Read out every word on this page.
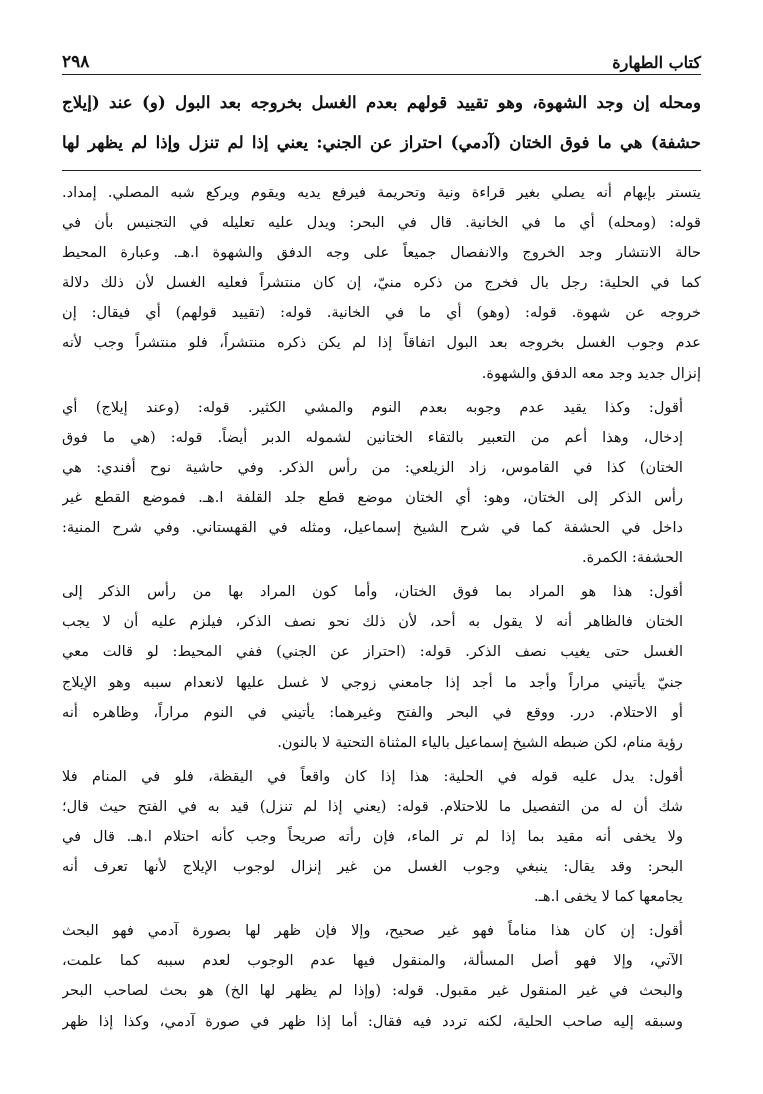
كتاب الطهارة
٢٩٨

ومحله إن وجد الشهوة، وهو تقييد قولهم بعدم الغسل بخروجه بعد البول (و) عند (إيلاج

حشفة) هي ما فوق الختان (آدمي) احتراز عن الجني: يعني إذا لم تنزل وإذا لم يظهر لها

يتستر بإيهام أنه يصلي بغير قراءة ونية وتحريمة فيرفع يديه ويقوم ويركع شبه المصلي. إمداد.

قوله: (ومحله) أي ما في الخانية. قال في البحر: ويدل عليه تعليله في التجنيس بأن في

حالة الانتشار وجد الخروج والانفصال جميعاً على وجه الدفق والشهوة ا.هـ. وعبارة المحيط

كما في الحلية: رجل بال فخرج من ذكره منيّ، إن كان منتشراً فعليه الغسل لأن ذلك دلالة

خروجه عن شهوة. قوله: (وهو) أي ما في الخانية. قوله: (تقييد قولهم) أي فيقال: إن

عدم وجوب الغسل بخروجه بعد البول اتفاقاً إذا لم يكن ذكره منتشراً، فلو منتشراً وجب لأنه

إنزال جديد وجد معه الدفق والشهوة.

أقول: وكذا يقيد عدم وجوبه بعدم النوم والمشي الكثير. قوله: (وعند إيلاج) أي

إدخال، وهذا أعم من التعبير بالتقاء الختانين لشموله الدبر أيضاً. قوله: (هي ما فوق

الختان) كذا في القاموس، زاد الزيلعي: من رأس الذكر. وفي حاشية نوح أفندي: هي

رأس الذكر إلى الختان، وهو: أي الختان موضع قطع جلد القلفة ا.هـ. فموضع القطع غير

داخل في الحشفة كما في شرح الشيخ إسماعيل، ومثله في القهستاني. وفي شرح المنية:

الحشفة: الكمرة.

أقول: هذا هو المراد بما فوق الختان، وأما كون المراد بها من رأس الذكر إلى

الختان فالظاهر أنه لا يقول به أحد، لأن ذلك نحو نصف الذكر، فيلزم عليه أن لا يجب

الغسل حتى يغيب نصف الذكر. قوله: (احتراز عن الجني) ففي المحيط: لو قالت معي

جنيّ يأتيني مراراً وأجد ما أجد إذا جامعني زوجي لا غسل عليها لانعدام سببه وهو الإيلاج

أو الاحتلام. درر. ووقع في البحر والفتح وغيرهما: يأتيني في النوم مراراً، وظاهره أنه

رؤية منام، لكن ضبطه الشيخ إسماعيل بالياء المثناة التحتية لا بالنون.

أقول: يدل عليه قوله في الحلية: هذا إذا كان واقعاً في اليقظة، فلو في المنام فلا

شك أن له من التفصيل ما للاحتلام. قوله: (يعني إذا لم تنزل) قيد به في الفتح حيث قال؛

ولا يخفى أنه مقيد بما إذا لم تر الماء، فإن رأته صريحاً وجب كأنه احتلام ا.هـ. قال في

البحر: وقد يقال: ينبغي وجوب الغسل من غير إنزال لوجوب الإيلاج لأنها تعرف أنه

يجامعها كما لا يخفى ا.هـ.

أقول: إن كان هذا مناماً فهو غير صحيح، وإلا فإن ظهر لها بصورة آدمي فهو البحث

الآتي، وإلا فهو أصل المسألة، والمنقول فيها عدم الوجوب لعدم سببه كما علمت،

والبحث في غير المنقول غير مقبول. قوله: (وإذا لم يظهر لها الخ) هو بحث لصاحب البحر

وسبقه إليه صاحب الحلية، لكنه تردد فيه فقال: أما إذا ظهر في صورة آدمي، وكذا إذا ظهر
